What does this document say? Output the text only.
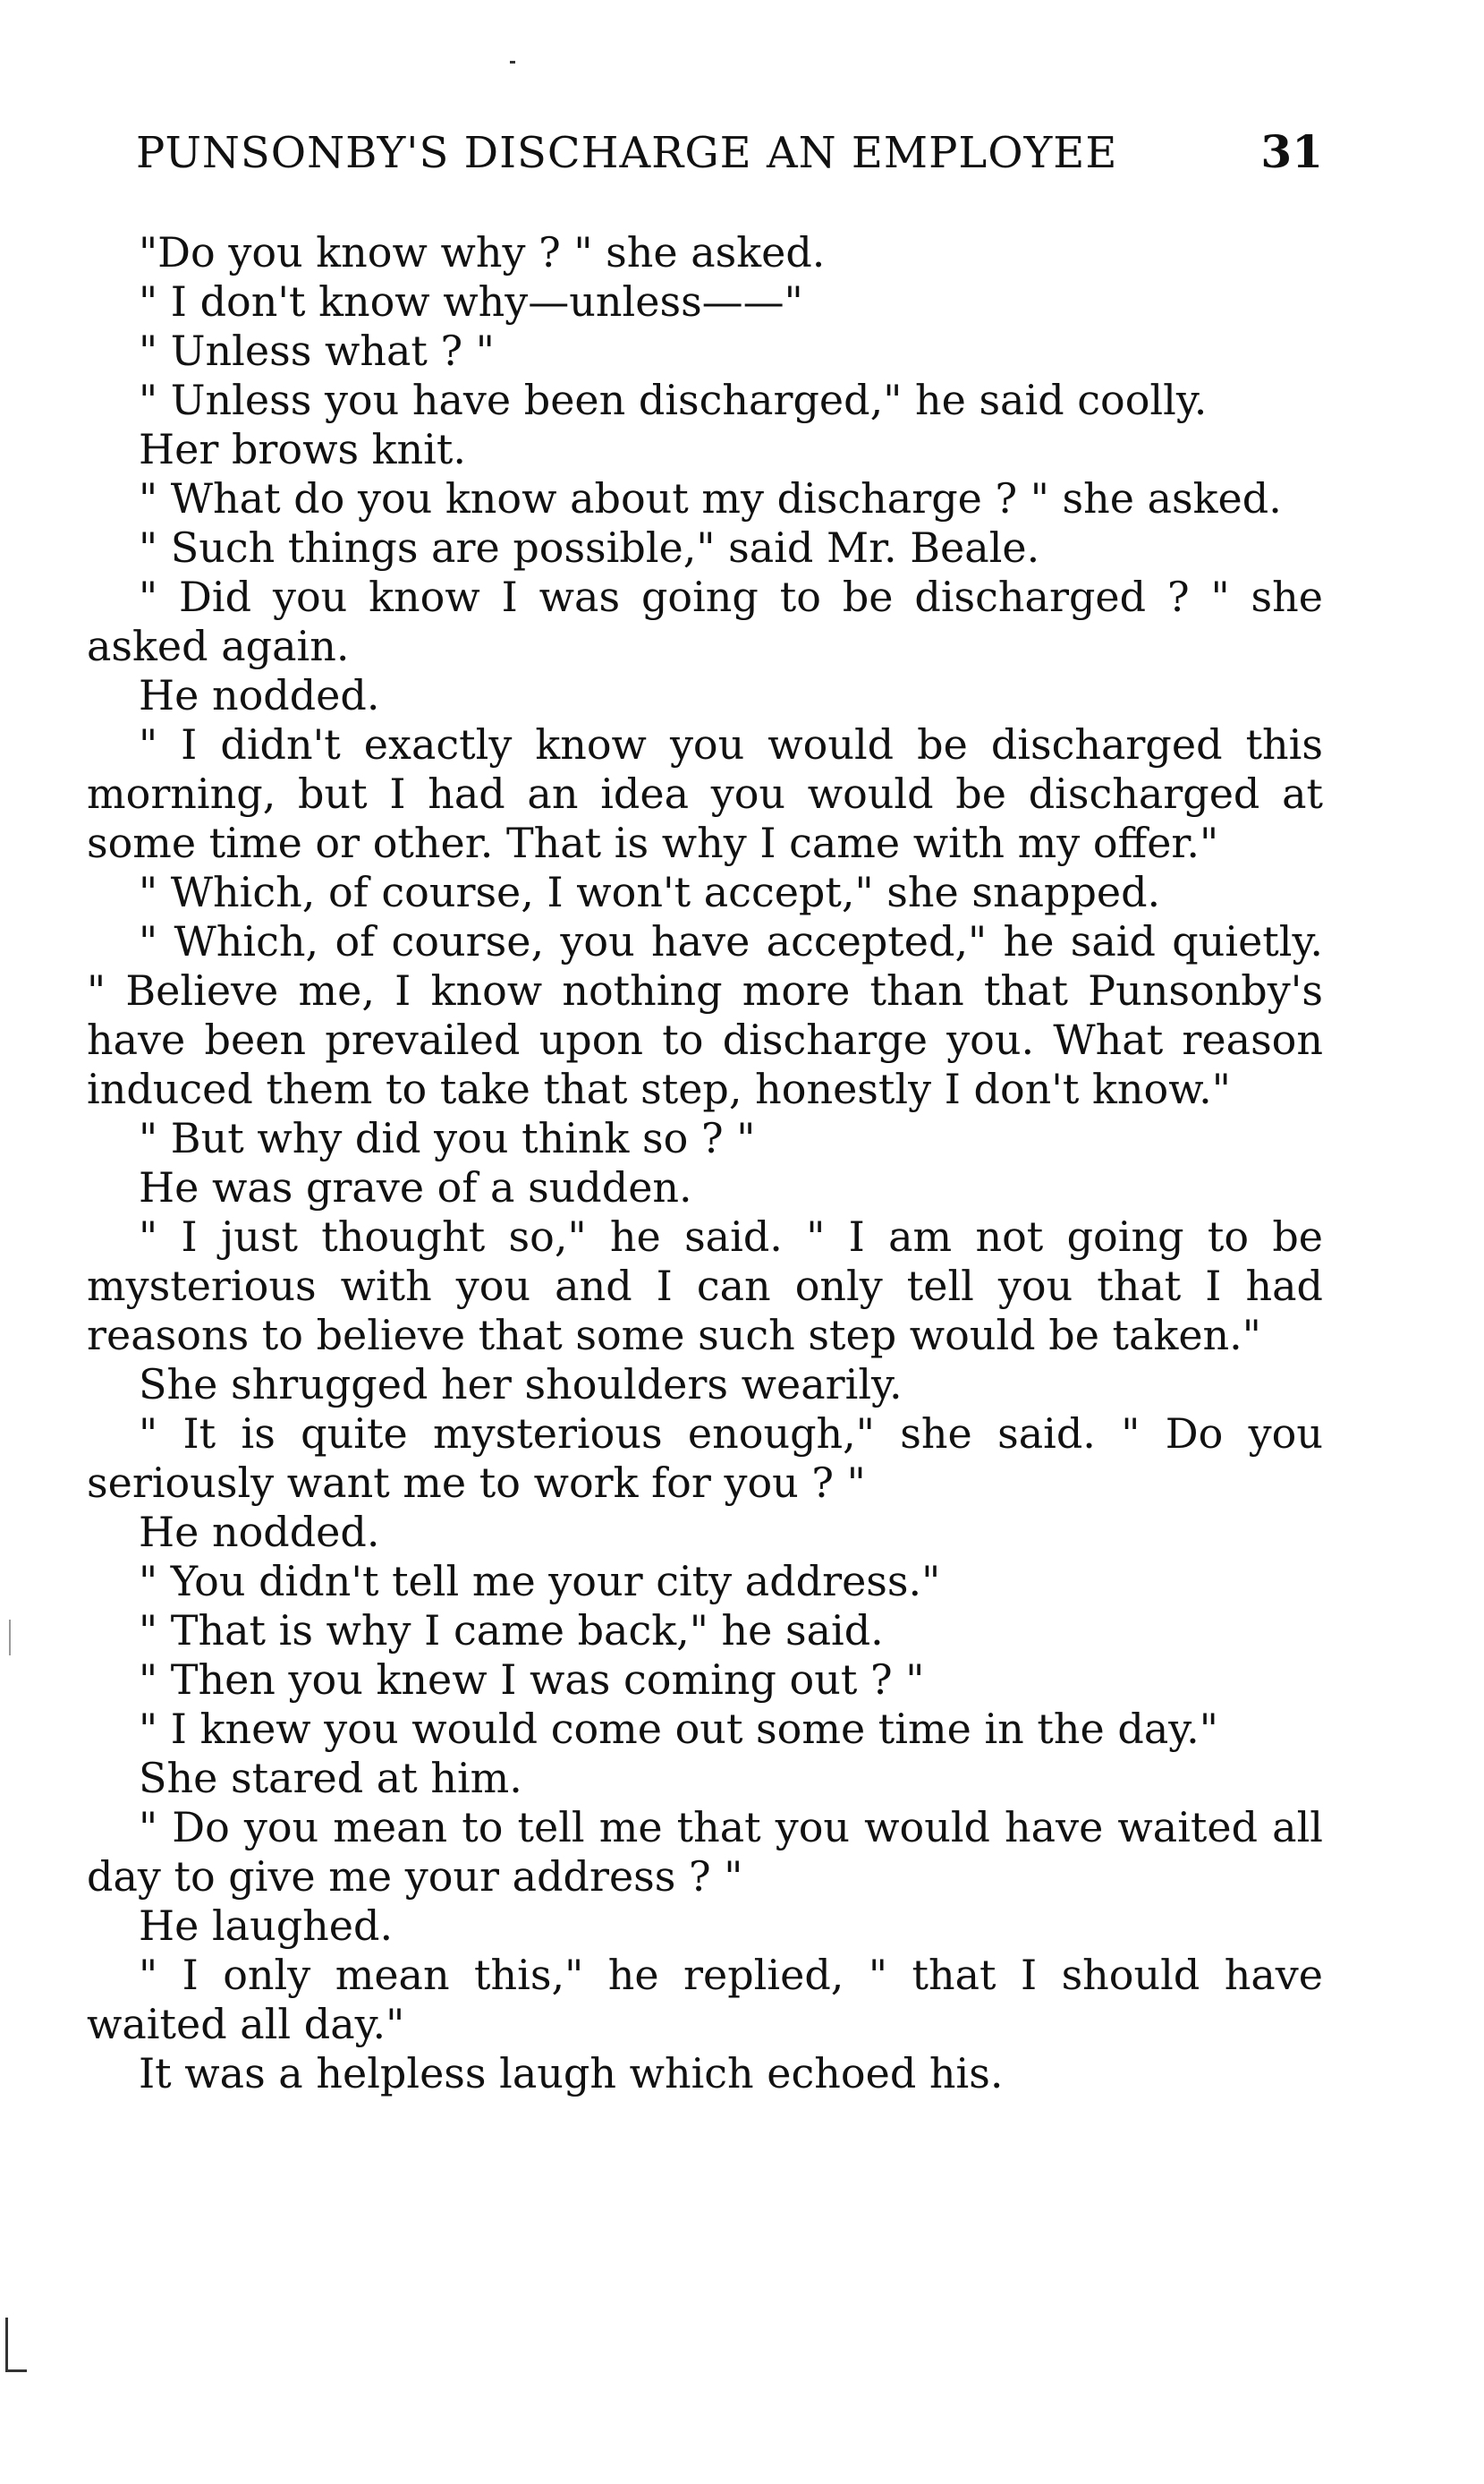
PUNSONBY'S DISCHARGE AN EMPLOYEE	31

"Do you know why ? " she asked.

" I don't know why—unless——"

" Unless what ? "

" Unless you have been discharged," he said coolly.

Her brows knit.

" What do you know about my discharge ? " she asked.

" Such things are possible," said Mr. Beale.

" Did you know I was going to be discharged ? " she asked again.

He nodded.

" I didn't exactly know you would be discharged this morning, but I had an idea you would be discharged at some time or other. That is why I came with my offer."

" Which, of course, I won't accept," she snapped.

" Which, of course, you have accepted," he said quietly. " Believe me, I know nothing more than that Punsonby's have been prevailed upon to discharge you. What reason induced them to take that step, honestly I don't know."

" But why did you think so ? "

He was grave of a sudden.

" I just thought so," he said. " I am not going to be mysterious with you and I can only tell you that I had reasons to believe that some such step would be taken."

She shrugged her shoulders wearily.

" It is quite mysterious enough," she said. " Do you seriously want me to work for you ? "

He nodded.

" You didn't tell me your city address."

" That is why I came back," he said.

" Then you knew I was coming out ? "

" I knew you would come out some time in the day."

She stared at him.

" Do you mean to tell me that you would have waited all day to give me your address ? "

He laughed.

" I only mean this," he replied, " that I should have waited all day."

It was a helpless laugh which echoed his.
